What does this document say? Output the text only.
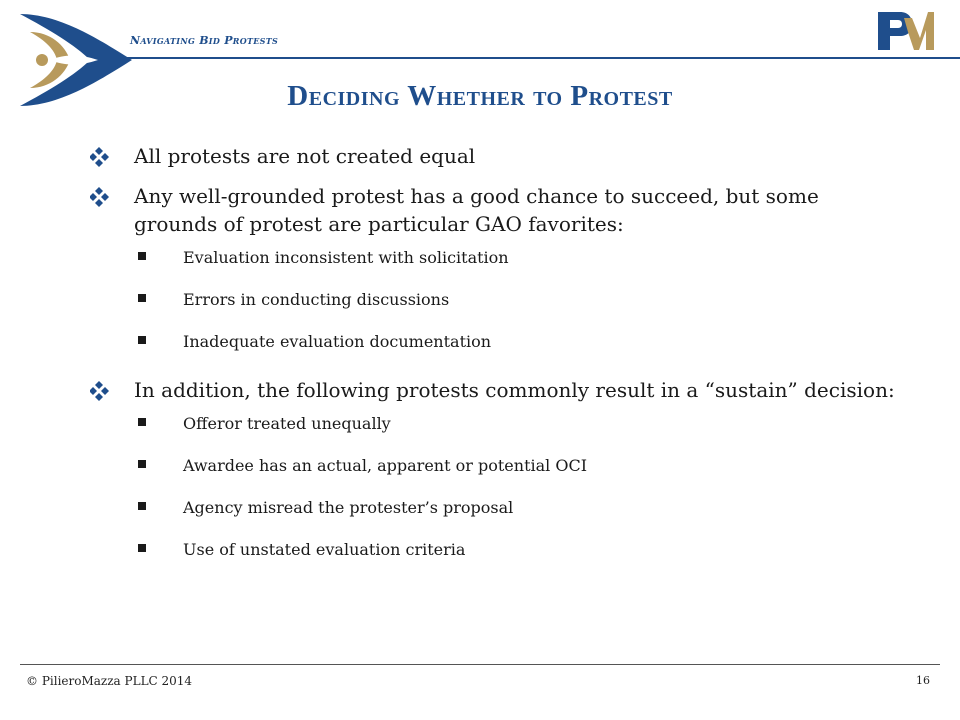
Navigating Bid Protests
Deciding Whether to Protest
All protests are not created equal
Any well-grounded protest has a good chance to succeed, but some grounds of protest are particular GAO favorites:
Evaluation inconsistent with solicitation
Errors in conducting discussions
Inadequate evaluation documentation
In addition, the following protests commonly result in a “sustain” decision:
Offeror treated unequally
Awardee has an actual, apparent or potential OCI
Agency misread the protester’s proposal
Use of unstated evaluation criteria
© PilieroMazza PLLC 2014	16
